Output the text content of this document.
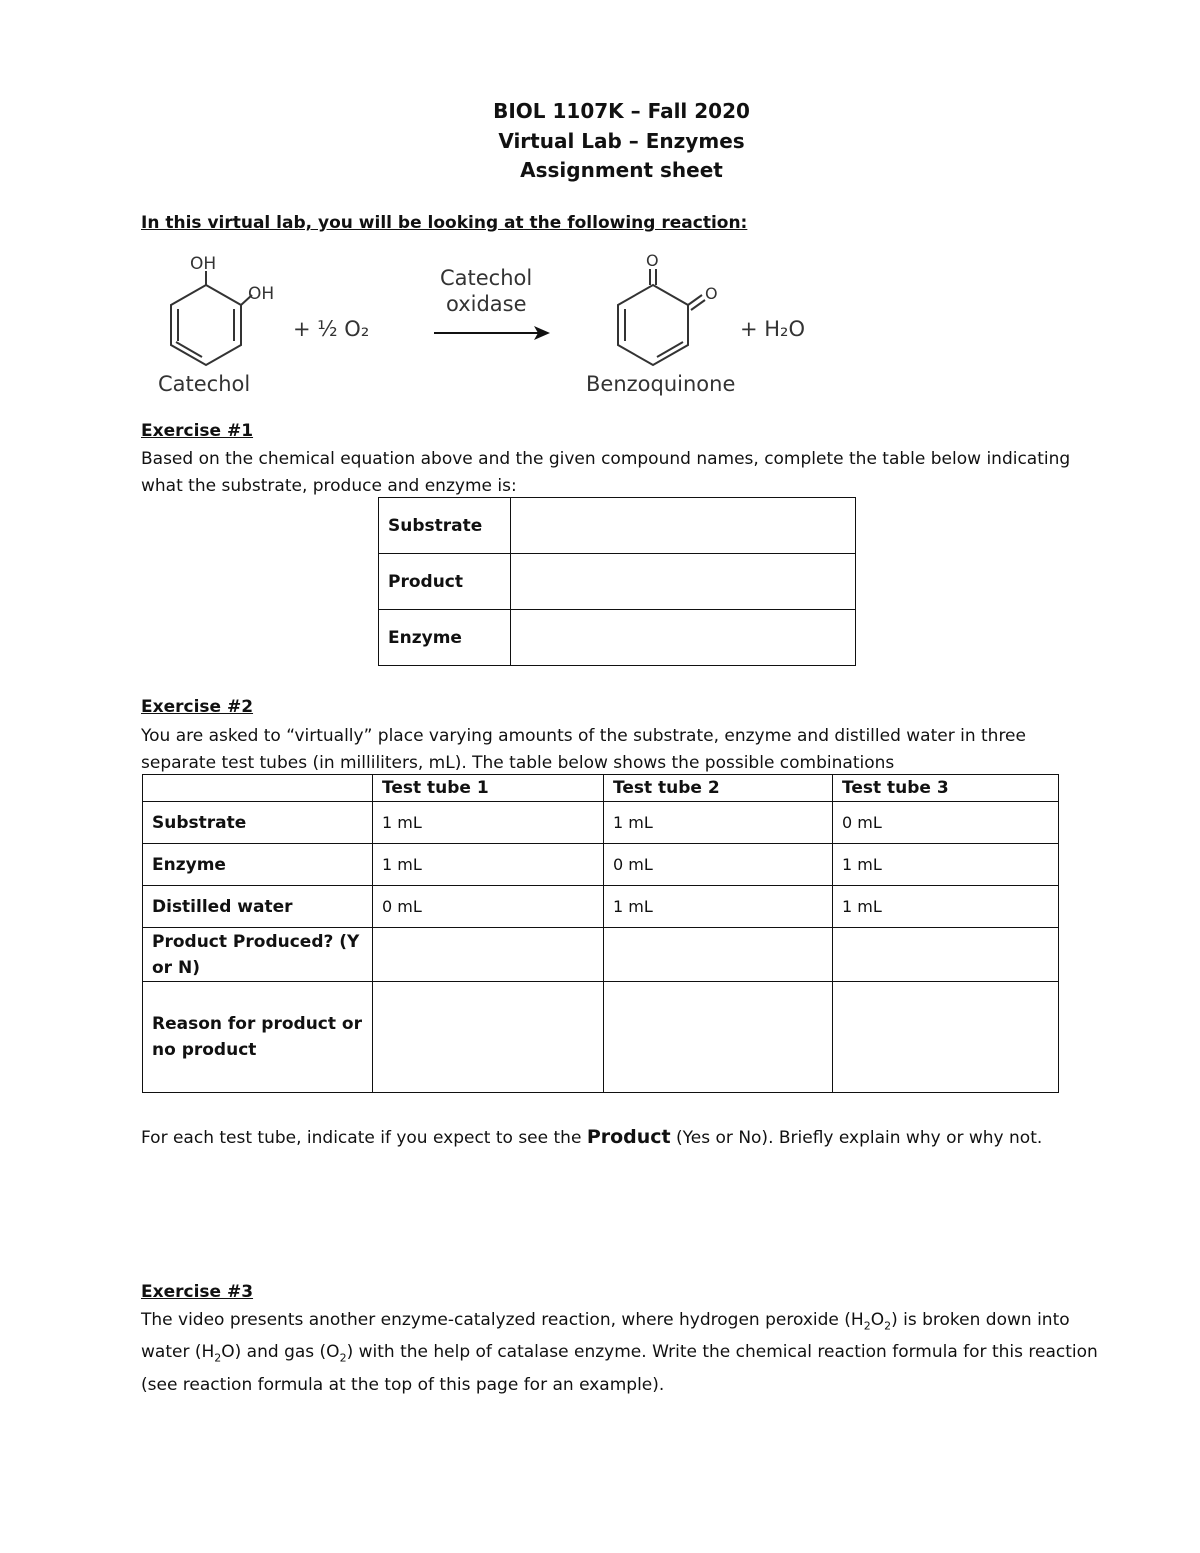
BIOL 1107K – Fall 2020
Virtual Lab – Enzymes
Assignment sheet
In this virtual lab, you will be looking at the following reaction:
OH
OH
Catechol
+ ½ O₂
Catechol
oxidase
O
O
Benzoquinone
+ H₂O
Exercise #1
Based on the chemical equation above and the given compound names, complete the table below indicating what the substrate, produce and enzyme is:
Substrate	
Product	
Enzyme	
Exercise #2
You are asked to “virtually” place varying amounts of the substrate, enzyme and distilled water in three separate test tubes (in milliliters, mL). The table below shows the possible combinations
	Test tube 1	Test tube 2	Test tube 3
Substrate	1 mL	1 mL	0 mL
Enzyme	1 mL	0 mL	1 mL
Distilled water	0 mL	1 mL	1 mL
Product Produced? (Y or N)			
Reason for product or no product			
For each test tube, indicate if you expect to see the Product (Yes or No). Briefly explain why or why not.
Exercise #3
The video presents another enzyme-catalyzed reaction, where hydrogen peroxide $(H_2O_2)$ is broken down into water $(H_2O)$ and gas $(O_2)$ with the help of catalase enzyme. Write the chemical reaction formula for this reaction (see reaction formula at the top of this page for an example).
